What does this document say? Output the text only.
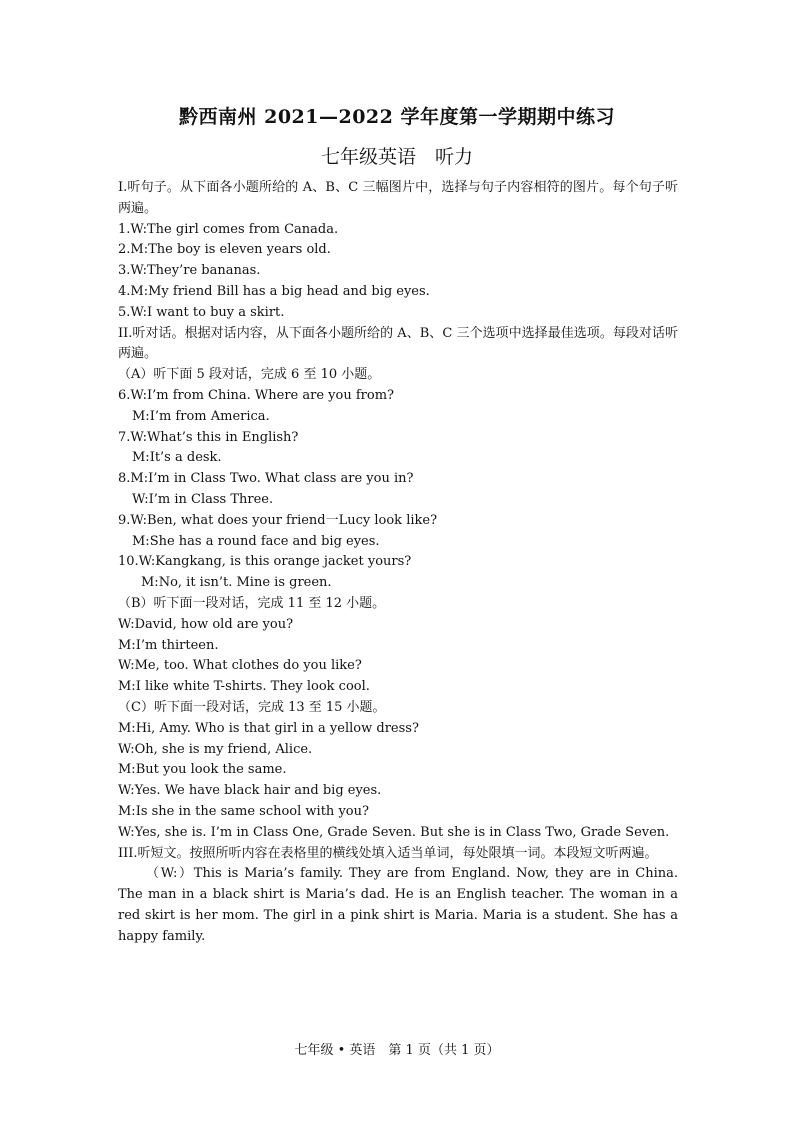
黔西南州 2021—2022 学年度第一学期期中练习
七年级英语　听力
I.听句子。从下面各小题所给的 A、B、C 三幅图片中，选择与句子内容相符的图片。每个句子听两遍。
1.W:The girl comes from Canada.
2.M:The boy is eleven years old.
3.W:They’re bananas.
4.M:My friend Bill has a big head and big eyes.
5.W:I want to buy a skirt.
II.听对话。根据对话内容，从下面各小题所给的 A、B、C 三个选项中选择最佳选项。每段对话听两遍。
（A）听下面 5 段对话，完成 6 至 10 小题。
6.W:I’m from China. Where are you from?
M:I’m from America.
7.W:What’s this in English?
M:It’s a desk.
8.M:I’m in Class Two. What class are you in?
W:I’m in Class Three.
9.W:Ben, what does your friend一Lucy look like?
M:She has a round face and big eyes.
10.W:Kangkang, is this orange jacket yours?
M:No, it isn’t. Mine is green.
（B）听下面一段对话，完成 11 至 12 小题。
W:David, how old are you?
M:I’m thirteen.
W:Me, too. What clothes do you like?
M:I like white T-shirts. They look cool.
（C）听下面一段对话，完成 13 至 15 小题。
M:Hi, Amy. Who is that girl in a yellow dress?
W:Oh, she is my friend, Alice.
M:But you look the same.
W:Yes. We have black hair and big eyes.
M:Is she in the same school with you?
W:Yes, she is. I’m in Class One, Grade Seven. But she is in Class Two, Grade Seven.
III.听短文。按照所听内容在表格里的横线处填入适当单词，每处限填一词。本段短文听两遍。
（W:）This is Maria’s family. They are from England. Now, they are in China. The man in a black shirt is Maria’s dad. He is an English teacher. The woman in a red skirt is her mom. The girl in a pink shirt is Maria. Maria is a student. She has a happy family.
七年级 • 英语　第 1 页（共 1 页）
